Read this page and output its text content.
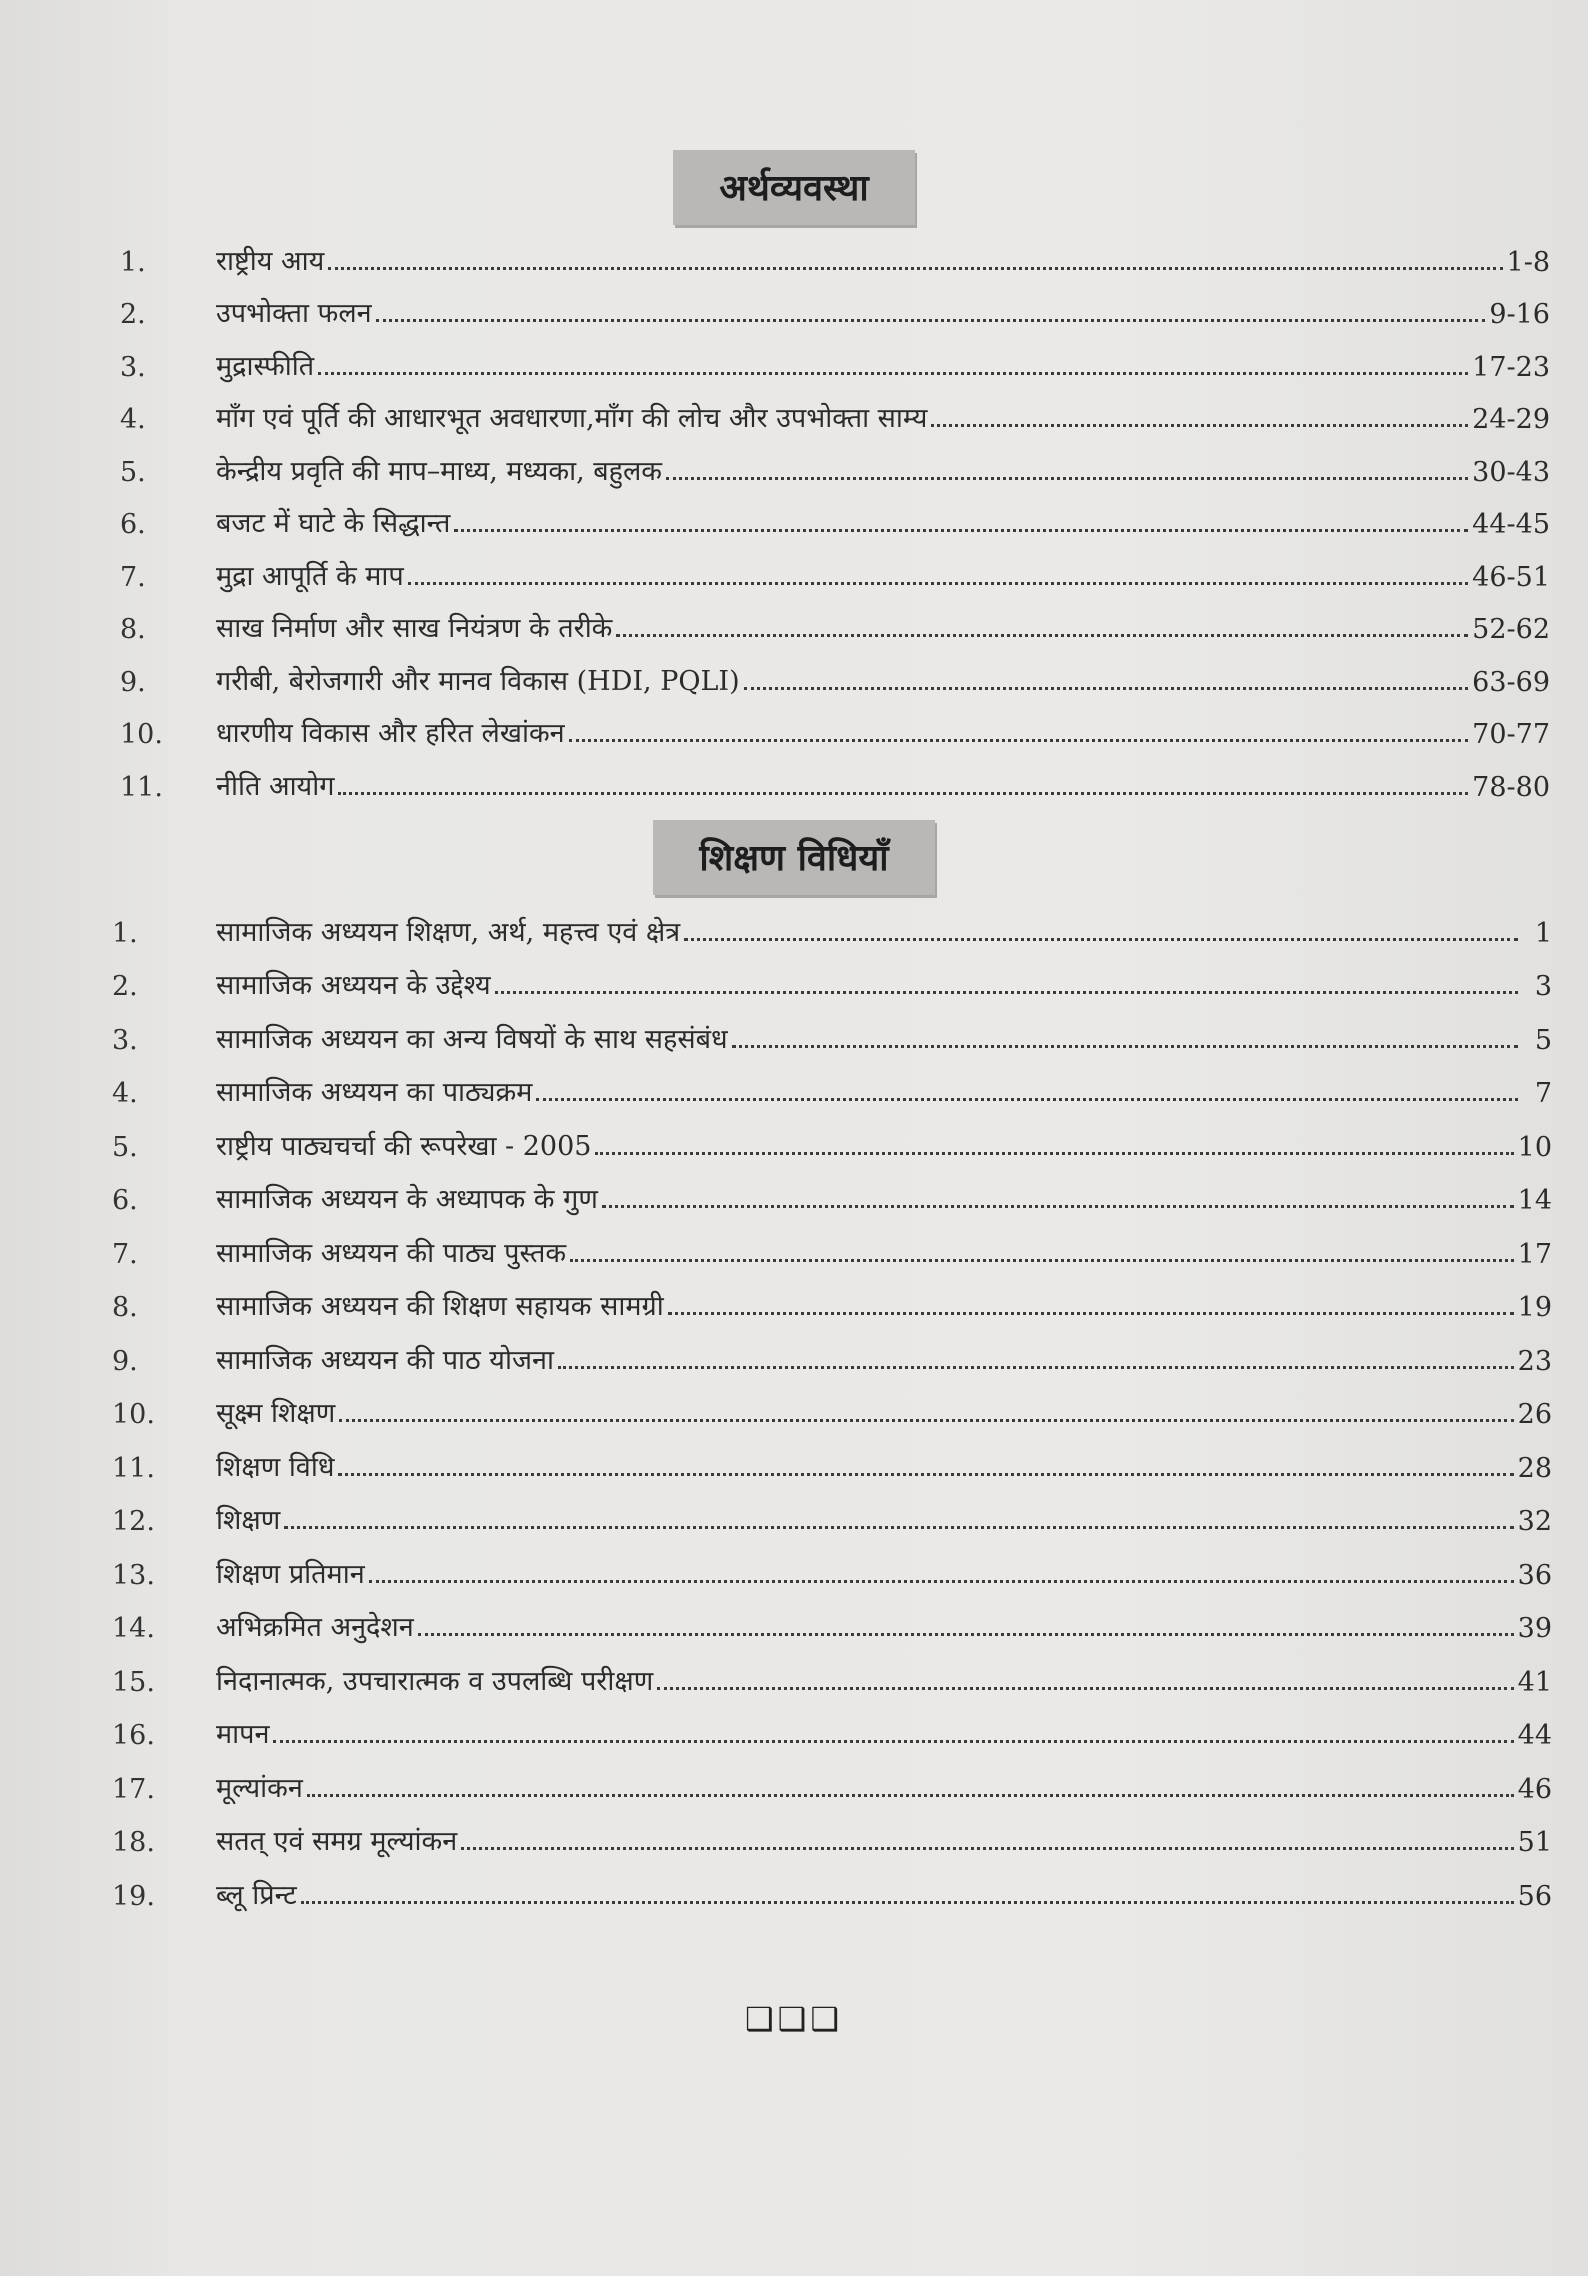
अर्थव्यवस्था
1.	राष्ट्रीय आय	1-8
2.	उपभोक्ता फलन	9-16
3.	मुद्रास्फीति	17-23
4.	माँग एवं पूर्ति की आधारभूत अवधारणा,माँग की लोच और उपभोक्ता साम्य	24-29
5.	केन्द्रीय प्रवृति की माप–माध्य, मध्यका, बहुलक	30-43
6.	बजट में घाटे के सिद्धान्त	44-45
7.	मुद्रा आपूर्ति के माप	46-51
8.	साख निर्माण और साख नियंत्रण के तरीके	52-62
9.	गरीबी, बेरोजगारी और मानव विकास (HDI, PQLI)	63-69
10.	धारणीय विकास और हरित लेखांकन	70-77
11.	नीति आयोग	78-80
शिक्षण विधियाँ
1.	सामाजिक अध्ययन शिक्षण, अर्थ, महत्त्व एवं क्षेत्र	1
2.	सामाजिक अध्ययन के उद्देश्य	3
3.	सामाजिक अध्ययन का अन्य विषयों के साथ सहसंबंध	5
4.	सामाजिक अध्ययन का पाठ्यक्रम	7
5.	राष्ट्रीय पाठ्यचर्चा की रूपरेखा - 2005	10
6.	सामाजिक अध्ययन के अध्यापक के गुण	14
7.	सामाजिक अध्ययन की पाठ्य पुस्तक	17
8.	सामाजिक अध्ययन की शिक्षण सहायक सामग्री	19
9.	सामाजिक अध्ययन की पाठ योजना	23
10.	सूक्ष्म शिक्षण	26
11.	शिक्षण विधि	28
12.	शिक्षण	32
13.	शिक्षण प्रतिमान	36
14.	अभिक्रमित अनुदेशन	39
15.	निदानात्मक, उपचारात्मक व उपलब्धि परीक्षण	41
16.	मापन	44
17.	मूल्यांकन	46
18.	सतत् एवं समग्र मूल्यांकन	51
19.	ब्लू प्रिन्ट	56
❑❑❑
